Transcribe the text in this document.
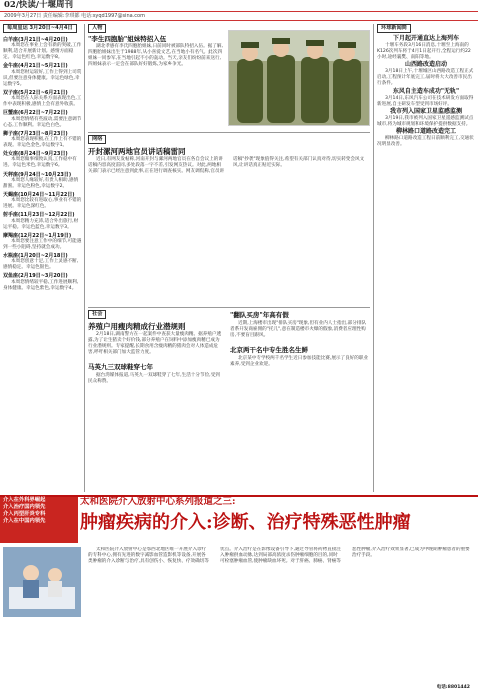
02/快读/十堰周刊
2009年3月27日 责任编辑:李琪都 电话:syqd1997@sina.com
每周星运 3月20日~4月4日
白羊座(3月21日~4月20日)
本周您在事业上会有新的突破,工作顺利,适合开展新计划。感情方面稳定。幸运色红色,幸运数字8。
金牛座(4月21日~5月21日)
本周您财运较好,工作上得到上司赏识,但要注意身体健康。幸运色绿色,幸运数字5。
双子座(5月22日~6月21日)
本周您在人际关系方面表现出色,工作中表现积极,感情上会有意外收获。
巨蟹座(6月22日~7月22日)
本周您情绪有些波动,需要注意调节心态,工作顺利。幸运色白色。
狮子座(7月23日~8月23日)
本周您表现积极,在工作上有不错的表现。幸运色金色,幸运数字1。
处女座(8月24日~9月23日)
本周您做事细致认真,工作稳中有进。幸运色米色,幸运数字6。
天秤座(9月24日~10月23日)
本周您人缘较好,有贵人相助,感情甜蜜。幸运色粉色,幸运数字2。
天蝎座(10月24日~11月22日)
本周您比较有进取心,事业有不错的进展。幸运色深红色。
射手座(11月23日~12月22日)
本周您精力充沛,适合外出旅行,财运平稳。幸运色蓝色,幸运数字3。
摩羯座(12月22日~1月19日)
本周您要注意工作中的细节,可能遇到一些小阻碍,坚持就会成功。
水瓶座(1月20日~2月18日)
本周您创意十足,工作上灵感不断,感情稳定。幸运色银色。
双鱼座(2月19日~3月20日)
本周您情绪较平稳,工作进展顺利,身体健康。幸运色紫色,幸运数字4。
人物
"李生四胞胎"姐妹特招入伍
湖北孝感有李氏四胞胎姐妹,日前同时被部队特招入伍。据了解,四胞胎姐妹出生于1988年,从小喜爱文艺,在当地小有名气。此次四姐妹一同参军,在当地引起不小的轰动。当天,亲友们纷纷前来送行,四姐妹表示一定会在部队好好锻炼,为家乡争光。
网络
开封漯河两地官员讲话稿雷同
近日,有网友发帖称,河南开封与漯河两地官员在各自会议上的讲话稿内容高度雷同,多处段落一字不差,引发网友热议。对此,两地相关部门表示已经注意到此事,正在进行调查核实。网友调侃称,官员讲话稿"抄袭"现象值得关注,希望有关部门认真对待,切实转变会风文风,让讲话真正贴近实际。
社会
养殖户用瘦肉精成行业潜规则
2月18日,湖南警方在一起案件中查获大量瘦肉精。据养殖户透露,为了让生猪卖个好价钱,部分养殖户在饲料中添加瘦肉精已成为行业潜规则。专家提醒,长期食用含瘦肉精的猪肉会对人体造成危害,呼吁相关部门加大监管力度。
马英九三双球鞋穿七年
据台湾媒体报道,马英九一双球鞋穿了七年,生活十分节俭,受到民众称赞。
"翻队买房"年高有假
近期,上海楼市出现"排队买房"现象,但有业内人士指出,部分排队者系开发商雇佣的"托儿",意在制造楼市火爆的假象,消费者应理性购房,不要盲目跟风。
北京两干名中专生胜名生鲜
北京某中专学校两千名学生近日参加技能比赛,展示了良好的职业素养,受到企业欢迎。
环球新闻简
下月起开通直达上海列车
十堰车务段3月16日消息,十堰至上海南的K126次列车将于4月1日起开行,全程运行约22小时,途经襄樊、南阳等地。
山西路改造启动
3月18日上午,十堰城区山西路改造工程正式启动,工程预计年底完工,届时将大大改善市民出行条件。
东风自主造车成功"无轨"
3月14日,东风汽车公司在技术研发方面取得新进展,自主研发车型受到市场好评。
我市列入国家卫星监感监测
3月19日,我市被列入国家卫星遥感监测试点城市,将为城市规划和环境保护提供数据支持。
柳林路口道路改造完工
柳林路口道路改造工程日前顺利完工,交通状况明显改善。
介入在外科界崛起
介入治疗国内领先
介入丙型肝炎专科
介入在中国内领先
太和医院介入放射中心系列报道之三:
肿瘤疾病的介入:诊断、治疗特殊恶性肿瘤
太和医院介入放射中心是鄂西北地区唯一开展介入诊疗的专科中心,拥有先进的数字减影血管造影机等设备,开展各类肿瘤的介入诊断与治疗,具有创伤小、恢复快、疗效确切等优点。介入治疗是在影像设备引导下,通过导管将药物直接注入肿瘤供血动脉,达到局部高浓度杀伤肿瘤细胞的目的,同时可栓塞肿瘤血管,使肿瘤缺血坏死。对于肝癌、肺癌、肾癌等恶性肿瘤,介入治疗效果显著,已成为中晚期肿瘤患者的重要治疗手段。
电话:8801442
